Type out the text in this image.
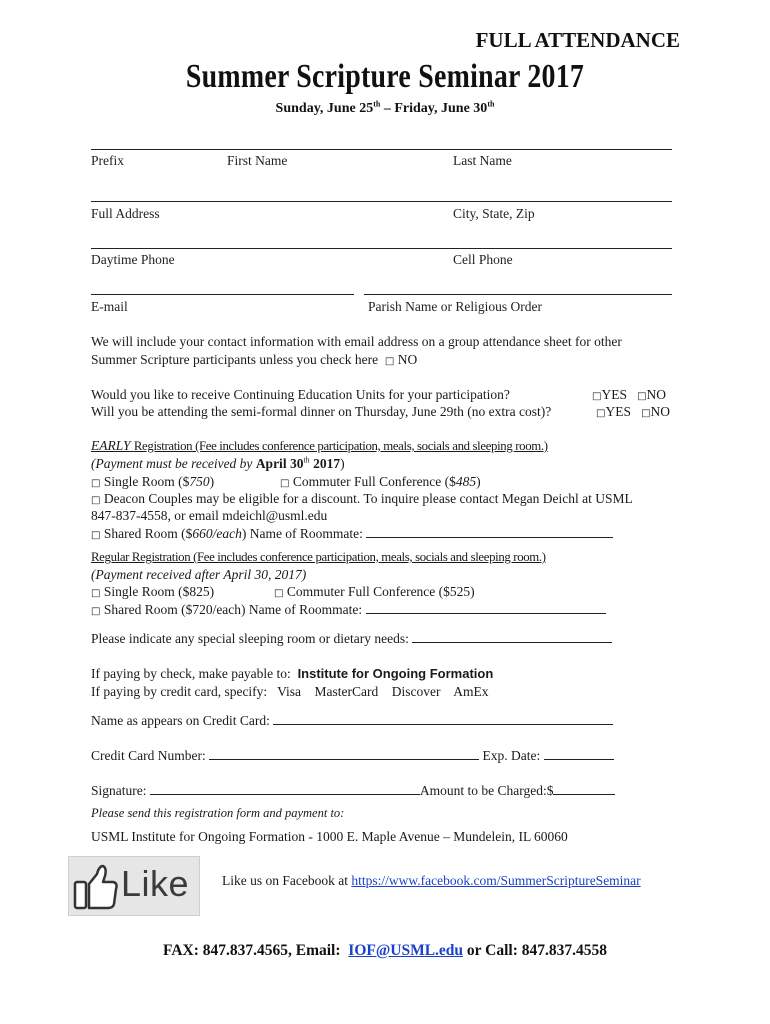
FULL ATTENDANCE
Summer Scripture Seminar 2017
Sunday, June 25th – Friday, June 30th
Prefix	First Name	Last Name
Full Address	City, State, Zip
Daytime Phone	Cell Phone
E-mail	Parish Name or Religious Order
We will include your contact information with email address on a group attendance sheet for other
Summer Scripture participants unless you check here □ NO
Would you like to receive Continuing Education Units for your participation?	□YES □NO
Will you be attending the semi-formal dinner on Thursday, June 29th (no extra cost)?	□YES □NO
EARLY Registration (Fee includes conference participation, meals, socials and sleeping room.)
(Payment must be received by April 30th 2017)
□ Single Room ($750)	□ Commuter Full Conference ($485)
□ Deacon Couples may be eligible for a discount. To inquire please contact Megan Deichl at USML
847-837-4558, or email mdeichl@usml.edu
□ Shared Room ($660/each) Name of Roommate:
Regular Registration (Fee includes conference participation, meals, socials and sleeping room.)
(Payment received after April 30, 2017)
□ Single Room ($825)	□ Commuter Full Conference ($525)
□ Shared Room ($720/each) Name of Roommate:
Please indicate any special sleeping room or dietary needs:
If paying by check, make payable to: Institute for Ongoing Formation
If paying by credit card, specify: Visa MasterCard Discover AmEx
Name as appears on Credit Card:
Credit Card Number:	Exp. Date:
Signature:	Amount to be Charged:$
Please send this registration form and payment to:
USML Institute for Ongoing Formation - 1000 E. Maple Avenue – Mundelein, IL 60060
Like Like us on Facebook at https://www.facebook.com/SummerScriptureSeminar
FAX: 847.837.4565, Email: IOF@USML.edu or Call: 847.837.4558
